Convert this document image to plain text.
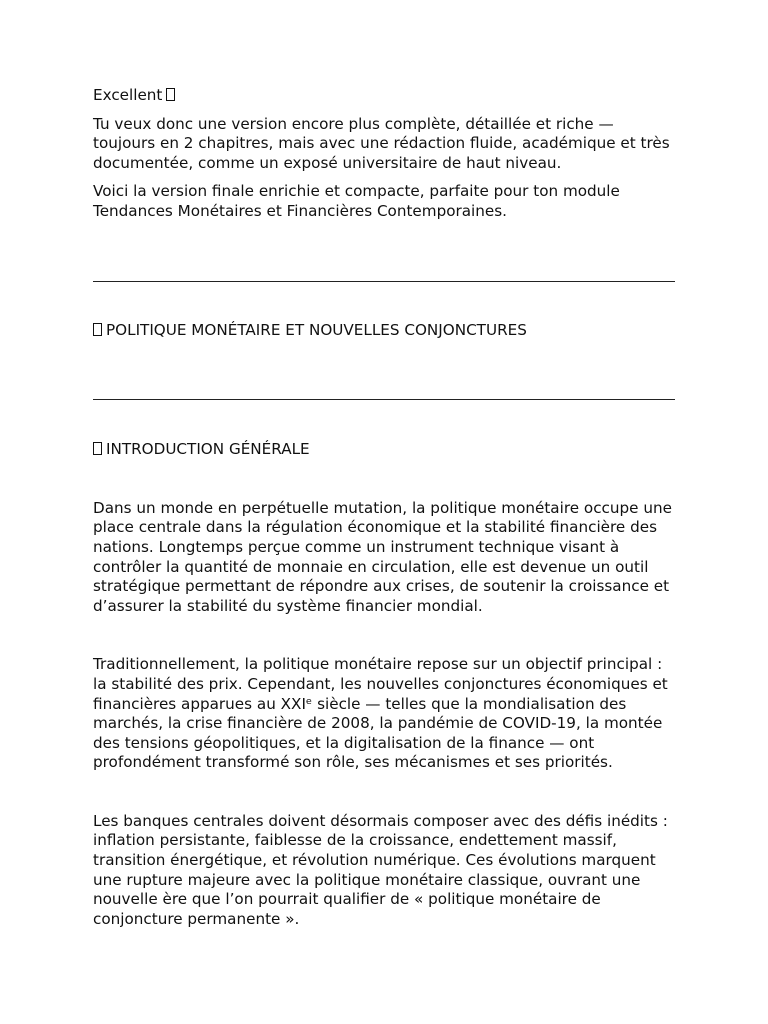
Excellent

Tu veux donc une version encore plus complète, détaillée et riche — toujours en 2 chapitres, mais avec une rédaction fluide, académique et très documentée, comme un exposé universitaire de haut niveau.

Voici la version finale enrichie et compacte, parfaite pour ton module Tendances Monétaires et Financières Contemporaines.

POLITIQUE MONÉTAIRE ET NOUVELLES CONJONCTURES

INTRODUCTION GÉNÉRALE

Dans un monde en perpétuelle mutation, la politique monétaire occupe une place centrale dans la régulation économique et la stabilité financière des nations. Longtemps perçue comme un instrument technique visant à contrôler la quantité de monnaie en circulation, elle est devenue un outil stratégique permettant de répondre aux crises, de soutenir la croissance et d’assurer la stabilité du système financier mondial.

Traditionnellement, la politique monétaire repose sur un objectif principal : la stabilité des prix. Cependant, les nouvelles conjonctures économiques et financières apparues au XXIᵉ siècle — telles que la mondialisation des marchés, la crise financière de 2008, la pandémie de COVID-19, la montée des tensions géopolitiques, et la digitalisation de la finance — ont profondément transformé son rôle, ses mécanismes et ses priorités.

Les banques centrales doivent désormais composer avec des défis inédits : inflation persistante, faiblesse de la croissance, endettement massif, transition énergétique, et révolution numérique. Ces évolutions marquent une rupture majeure avec la politique monétaire classique, ouvrant une nouvelle ère que l’on pourrait qualifier de « politique monétaire de conjoncture permanente ».
